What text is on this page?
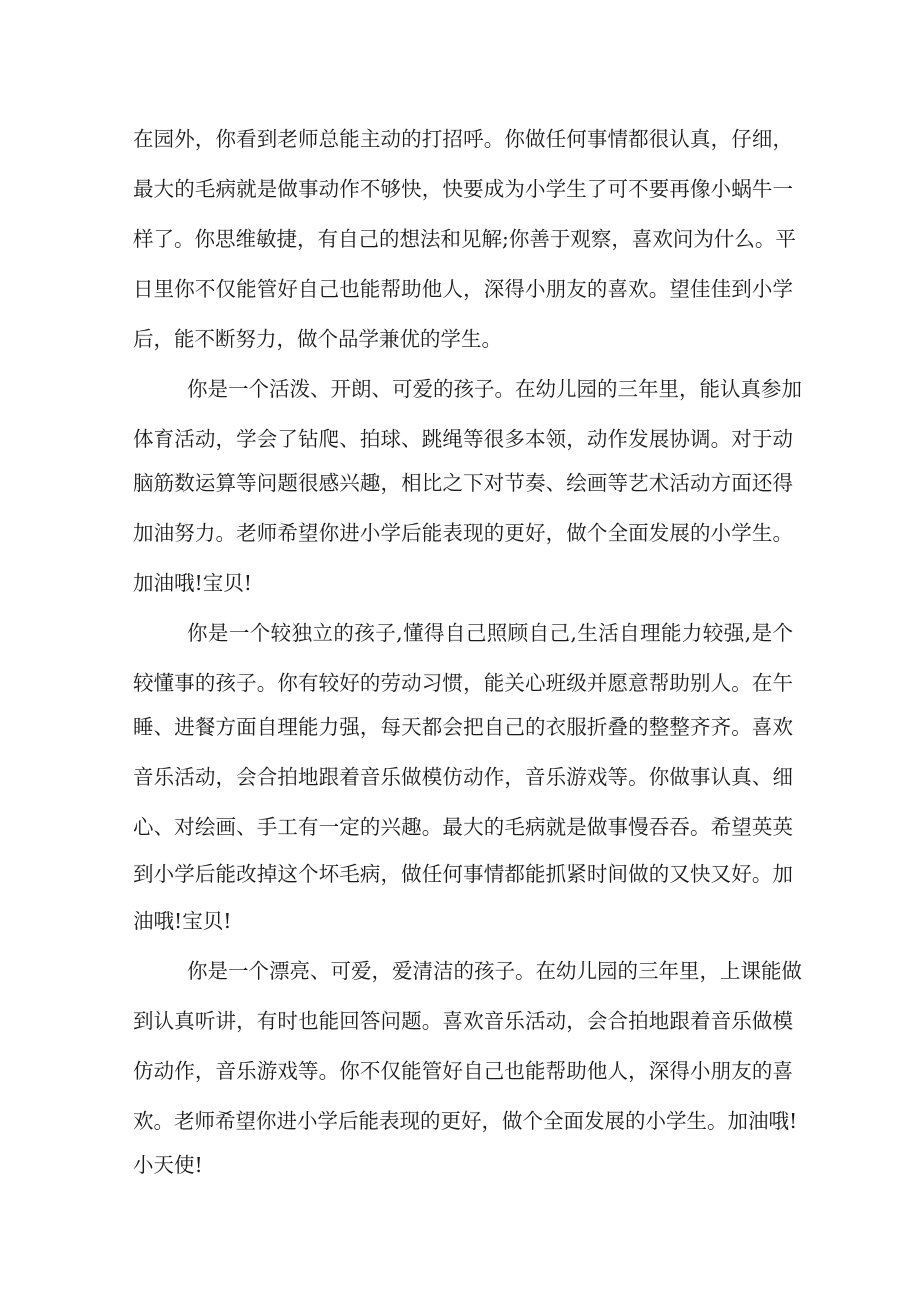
在园外，你看到老师总能主动的打招呼。你做任何事情都很认真，仔细，
最大的毛病就是做事动作不够快，快要成为小学生了可不要再像小蜗牛一
样了。你思维敏捷，有自己的想法和见解;你善于观察，喜欢问为什么。平
日里你不仅能管好自己也能帮助他人，深得小朋友的喜欢。望佳佳到小学
后，能不断努力，做个品学兼优的学生。
你是一个活泼、开朗、可爱的孩子。在幼儿园的三年里，能认真参加
体育活动，学会了钻爬、拍球、跳绳等很多本领，动作发展协调。对于动
脑筋数运算等问题很感兴趣，相比之下对节奏、绘画等艺术活动方面还得
加油努力。老师希望你进小学后能表现的更好，做个全面发展的小学生。
加油哦!宝贝!
你是一个较独立的孩子,懂得自己照顾自己,生活自理能力较强,是个
较懂事的孩子。你有较好的劳动习惯，能关心班级并愿意帮助别人。在午
睡、进餐方面自理能力强，每天都会把自己的衣服折叠的整整齐齐。喜欢
音乐活动，会合拍地跟着音乐做模仿动作，音乐游戏等。你做事认真、细
心、对绘画、手工有一定的兴趣。最大的毛病就是做事慢吞吞。希望英英
到小学后能改掉这个坏毛病，做任何事情都能抓紧时间做的又快又好。加
油哦!宝贝!
你是一个漂亮、可爱，爱清洁的孩子。在幼儿园的三年里，上课能做
到认真听讲，有时也能回答问题。喜欢音乐活动，会合拍地跟着音乐做模
仿动作，音乐游戏等。你不仅能管好自己也能帮助他人，深得小朋友的喜
欢。老师希望你进小学后能表现的更好，做个全面发展的小学生。加油哦!
小天使!
